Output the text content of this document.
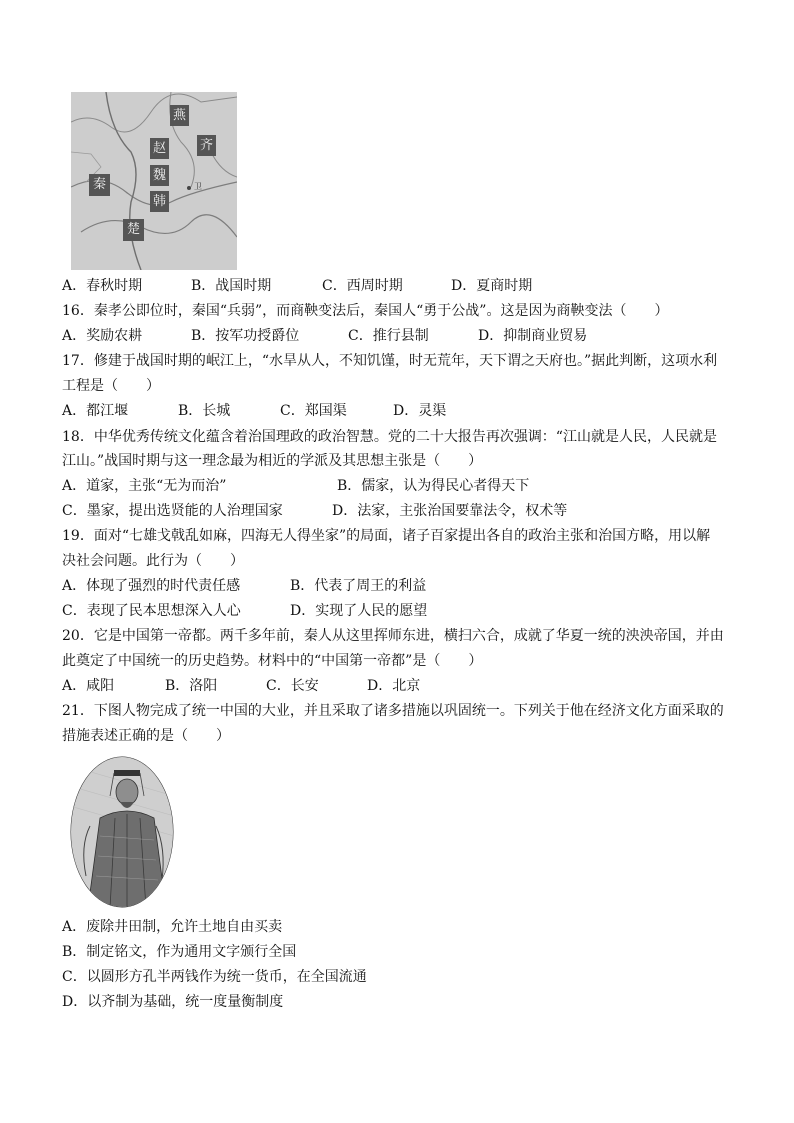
燕
齐
赵
魏
韩
秦
楚
卫
A．春秋时期	B．战国时期	C．西周时期	D．夏商时期
16．秦孝公即位时，秦国“兵弱”，而商鞅变法后，秦国人“勇于公战”。这是因为商鞅变法（　　）
A．奖励农耕	B．按军功授爵位	C．推行县制	D．抑制商业贸易
17．修建于战国时期的岷江上，“水旱从人，不知饥馑，时无荒年，天下谓之天府也。”据此判断，这项水利
工程是（　　）
A．都江堰	B．长城	C．郑国渠	D．灵渠
18．中华优秀传统文化蕴含着治国理政的政治智慧。党的二十大报告再次强调：“江山就是人民，人民就是
江山。”战国时期与这一理念最为相近的学派及其思想主张是（　　）
A．道家，主张“无为而治”	B．儒家，认为得民心者得天下
C．墨家，提出选贤能的人治理国家	D．法家，主张治国要靠法令，权术等
19．面对“七雄戈戟乱如麻，四海无人得坐家”的局面，诸子百家提出各自的政治主张和治国方略，用以解
决社会问题。此行为（　　）
A．体现了强烈的时代责任感	B．代表了周王的利益
C．表现了民本思想深入人心	D．实现了人民的愿望
20．它是中国第一帝都。两千多年前，秦人从这里挥师东进，横扫六合，成就了华夏一统的泱泱帝国，并由
此奠定了中国统一的历史趋势。材料中的“中国第一帝都”是（　　）
A．咸阳	B．洛阳	C．长安	D．北京
21．下图人物完成了统一中国的大业，并且采取了诸多措施以巩固统一。下列关于他在经济文化方面采取的
措施表述正确的是（　　）
A．废除井田制，允许土地自由买卖
B．制定铭文，作为通用文字颁行全国
C．以圆形方孔半两钱作为统一货币，在全国流通
D．以齐制为基础，统一度量衡制度
